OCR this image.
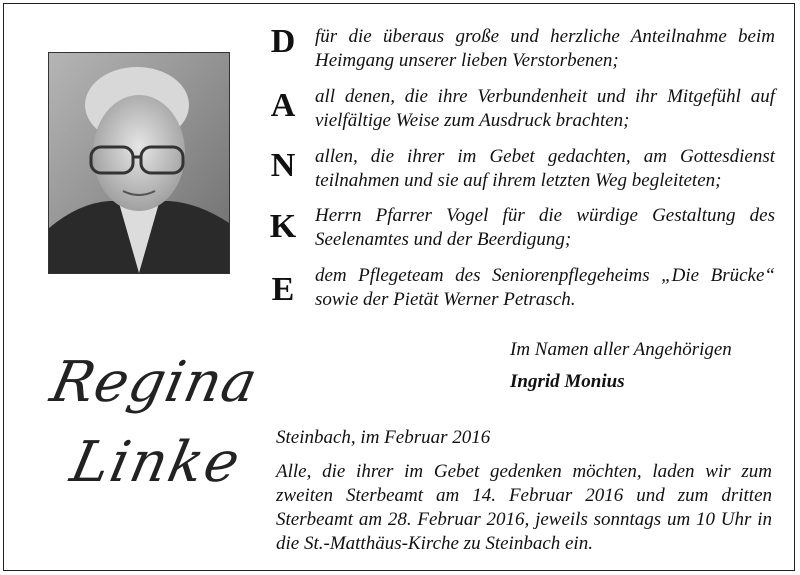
D
A
N
K
E
für die überaus große und herzliche Anteilnahme beim Heimgang unserer lieben Verstorbenen;
all denen, die ihre Verbundenheit und ihr Mitgefühl auf vielfältige Weise zum Ausdruck brachten;
allen, die ihrer im Gebet gedachten, am Gottesdienst teilnahmen und sie auf ihrem letzten Weg begleiteten;
Herrn Pfarrer Vogel für die würdige Gestaltung des Seelenamtes und der Beerdigung;
dem Pflegeteam des Seniorenpflegeheims „Die Brücke“ sowie der Pietät Werner Petrasch.
Im Namen aller Angehörigen
Ingrid Monius
Regina
Linke Steinbach, im Februar 2016
Alle, die ihrer im Gebet gedenken möchten, laden wir zum zweiten Sterbeamt am 14. Februar 2016 und zum dritten Sterbeamt am 28. Februar 2016, jeweils sonntags um 10 Uhr in die St.-Matthäus-Kirche zu Steinbach ein.
